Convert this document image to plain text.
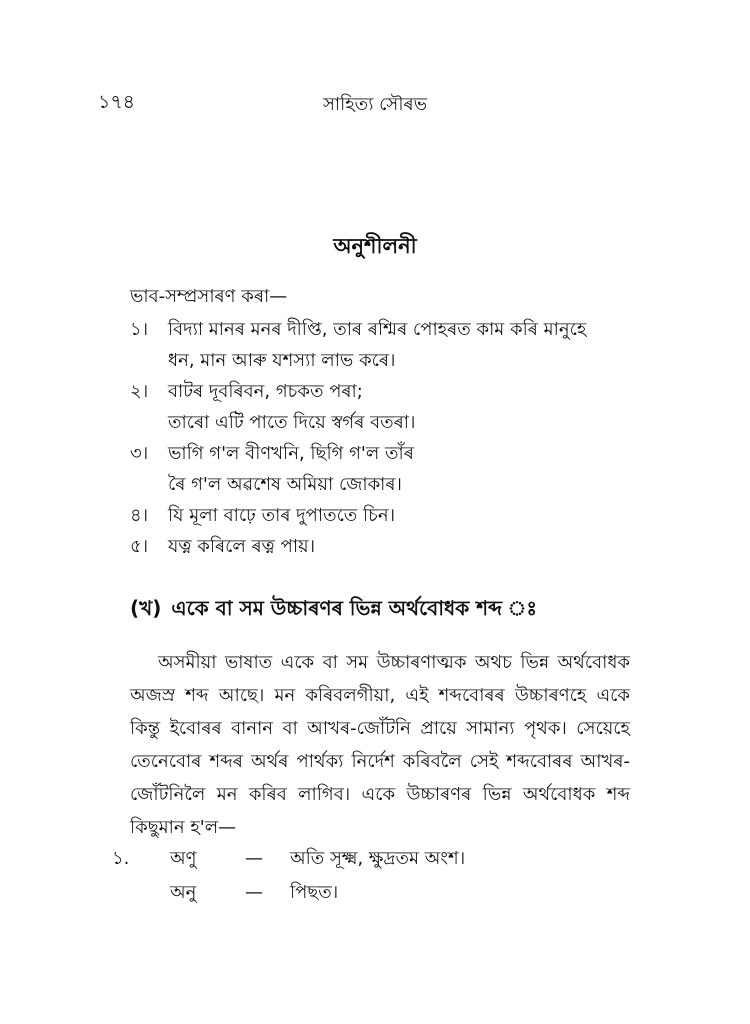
১৭৪	সাহিত্য সৌৰভ
অনুশীলনী
ভাব-সম্প্ৰসাৰণ কৰা—
১। বিদ্যা মানৰ মনৰ দীপ্তি, তাৰ ৰশ্মিৰ পোহৰত কাম কৰি মানুহে
ধন, মান আৰু যশস্যা লাভ কৰে।
২। বাটৰ দূবৰিবন, গচকত পৰা;
তাৰো এটি পাতে দিয়ে স্বৰ্গৰ বতৰা।
৩। ভাগি গ'ল বীণখনি, ছিগি গ'ল তাঁৰ
ৰৈ গ'ল অৱশেষ অমিয়া জোকাৰ।
৪। যি মূলা বাঢ়ে তাৰ দুপাততে চিন।
৫। যত্ন কৰিলে ৰত্ন পায়।
(খ) একে বা সম উচ্চাৰণৰ ভিন্ন অৰ্থবোধক শব্দ ঃ

অসমীয়া ভাষাত একে বা সম উচ্চাৰণাত্মক অথচ ভিন্ন অৰ্থবোধক অজস্ৰ শব্দ আছে। মন কৰিবলগীয়া, এই শব্দবোৰৰ উচ্চাৰণহে একে কিন্তু ইবোৰৰ বানান বা আখৰ-জোঁটনি প্ৰায়ে সামান্য পৃথক। সেয়েহে তেনেবোৰ শব্দৰ অৰ্থৰ পাৰ্থক্য নিৰ্দেশ কৰিবলৈ সেই শব্দবোৰৰ আখৰ-জোঁটনিলৈ মন কৰিব লাগিব। একে উচ্চাৰণৰ ভিন্ন অৰ্থবোধক শব্দ কিছুমান হ'ল—

১. অণু	— অতি সূক্ষ্ম, ক্ষুদ্ৰতম অংশ।
অনু	— পিছত।
